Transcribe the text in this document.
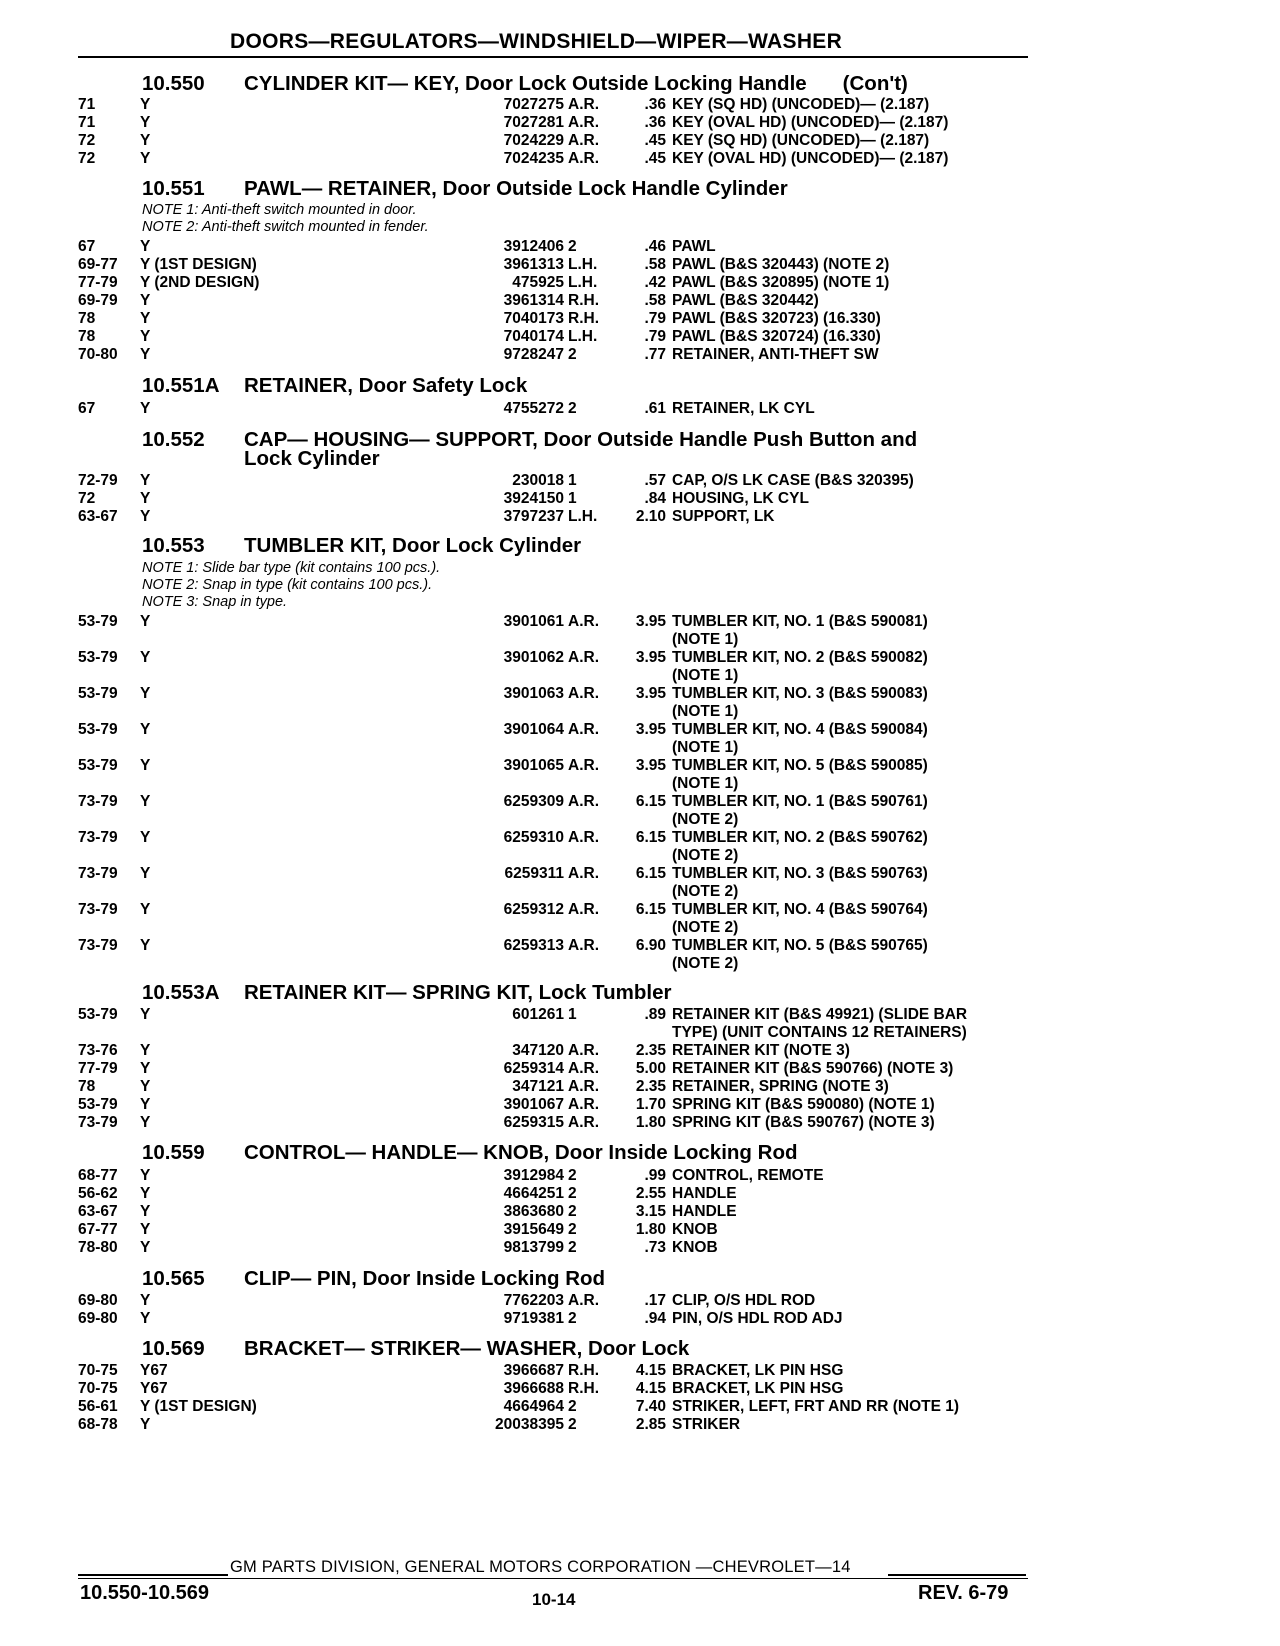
DOORS—REGULATORS—WINDSHIELD—WIPER—WASHER
10.550 CYLINDER KIT— KEY, Door Lock Outside Locking Handle (Con't)
71	Y	7027275 A.R.	.36 KEY (SQ HD) (UNCODED)— (2.187)
71	Y	7027281 A.R.	.36 KEY (OVAL HD) (UNCODED)— (2.187)
72	Y	7024229 A.R.	.45 KEY (SQ HD) (UNCODED)— (2.187)
72	Y	7024235 A.R.	.45 KEY (OVAL HD) (UNCODED)— (2.187)
10.551 PAWL— RETAINER, Door Outside Lock Handle Cylinder
NOTE 1: Anti-theft switch mounted in door.
NOTE 2: Anti-theft switch mounted in fender.
67	Y	3912406 2	.46 PAWL
69-77 Y (1ST DESIGN)	3961313 L.H.	.58 PAWL (B&S 320443) (NOTE 2)
77-79 Y (2ND DESIGN)	475925 L.H.	.42 PAWL (B&S 320895) (NOTE 1)
69-79 Y	3961314 R.H.	.58 PAWL (B&S 320442)
78	Y	7040173 R.H.	.79 PAWL (B&S 320723) (16.330)
78	Y	7040174 L.H.	.79 PAWL (B&S 320724) (16.330)
70-80 Y	9728247 2	.77 RETAINER, ANTI-THEFT SW
10.551A RETAINER, Door Safety Lock
67	Y	4755272 2	.61 RETAINER, LK CYL
10.552 CAP— HOUSING— SUPPORT, Door Outside Handle Push Button and
Lock Cylinder
72-79 Y	230018 1	.57 CAP, O/S LK CASE (B&S 320395)
72	Y	3924150 1	.84 HOUSING, LK CYL
63-67 Y	3797237 L.H.	2.10 SUPPORT, LK
10.553 TUMBLER KIT, Door Lock Cylinder
NOTE 1: Slide bar type (kit contains 100 pcs.).
NOTE 2: Snap in type (kit contains 100 pcs.).
NOTE 3: Snap in type.
53-79 Y	3901061 A.R.	3.95 TUMBLER KIT, NO. 1 (B&S 590081)
(NOTE 1)
53-79 Y	3901062 A.R.	3.95 TUMBLER KIT, NO. 2 (B&S 590082)
(NOTE 1)
53-79 Y	3901063 A.R.	3.95 TUMBLER KIT, NO. 3 (B&S 590083)
(NOTE 1)
53-79 Y	3901064 A.R.	3.95 TUMBLER KIT, NO. 4 (B&S 590084)
(NOTE 1)
53-79 Y	3901065 A.R.	3.95 TUMBLER KIT, NO. 5 (B&S 590085)
(NOTE 1)
73-79 Y	6259309 A.R.	6.15 TUMBLER KIT, NO. 1 (B&S 590761)
(NOTE 2)
73-79 Y	6259310 A.R.	6.15 TUMBLER KIT, NO. 2 (B&S 590762)
(NOTE 2)
73-79 Y	6259311 A.R.	6.15 TUMBLER KIT, NO. 3 (B&S 590763)
(NOTE 2)
73-79 Y	6259312 A.R.	6.15 TUMBLER KIT, NO. 4 (B&S 590764)
(NOTE 2)
73-79 Y	6259313 A.R.	6.90 TUMBLER KIT, NO. 5 (B&S 590765)
(NOTE 2)
10.553A RETAINER KIT— SPRING KIT, Lock Tumbler
53-79 Y	601261 1	.89 RETAINER KIT (B&S 49921) (SLIDE BAR
TYPE) (UNIT CONTAINS 12 RETAINERS)
73-76 Y	347120 A.R.	2.35 RETAINER KIT (NOTE 3)
77-79 Y	6259314 A.R.	5.00 RETAINER KIT (B&S 590766) (NOTE 3)
78	Y	347121 A.R.	2.35 RETAINER, SPRING (NOTE 3)
53-79 Y	3901067 A.R.	1.70 SPRING KIT (B&S 590080) (NOTE 1)
73-79 Y	6259315 A.R.	1.80 SPRING KIT (B&S 590767) (NOTE 3)
10.559 CONTROL— HANDLE— KNOB, Door Inside Locking Rod
68-77 Y	3912984 2	.99 CONTROL, REMOTE
56-62 Y	4664251 2	2.55 HANDLE
63-67 Y	3863680 2	3.15 HANDLE
67-77 Y	3915649 2	1.80 KNOB
78-80 Y	9813799 2	.73 KNOB
10.565 CLIP— PIN, Door Inside Locking Rod
69-80 Y	7762203 A.R.	.17 CLIP, O/S HDL ROD
69-80 Y	9719381 2	.94 PIN, O/S HDL ROD ADJ
10.569 BRACKET— STRIKER— WASHER, Door Lock
70-75 Y67	3966687 R.H.	4.15 BRACKET, LK PIN HSG
70-75 Y67	3966688 R.H.	4.15 BRACKET, LK PIN HSG
56-61 Y (1ST DESIGN)	4664964 2	7.40 STRIKER, LEFT, FRT AND RR (NOTE 1)
68-78 Y	20038395 2	2.85 STRIKER
GM PARTS DIVISION, GENERAL MOTORS CORPORATION —CHEVROLET—14
10.550-10.569	10-14	REV. 6-79
